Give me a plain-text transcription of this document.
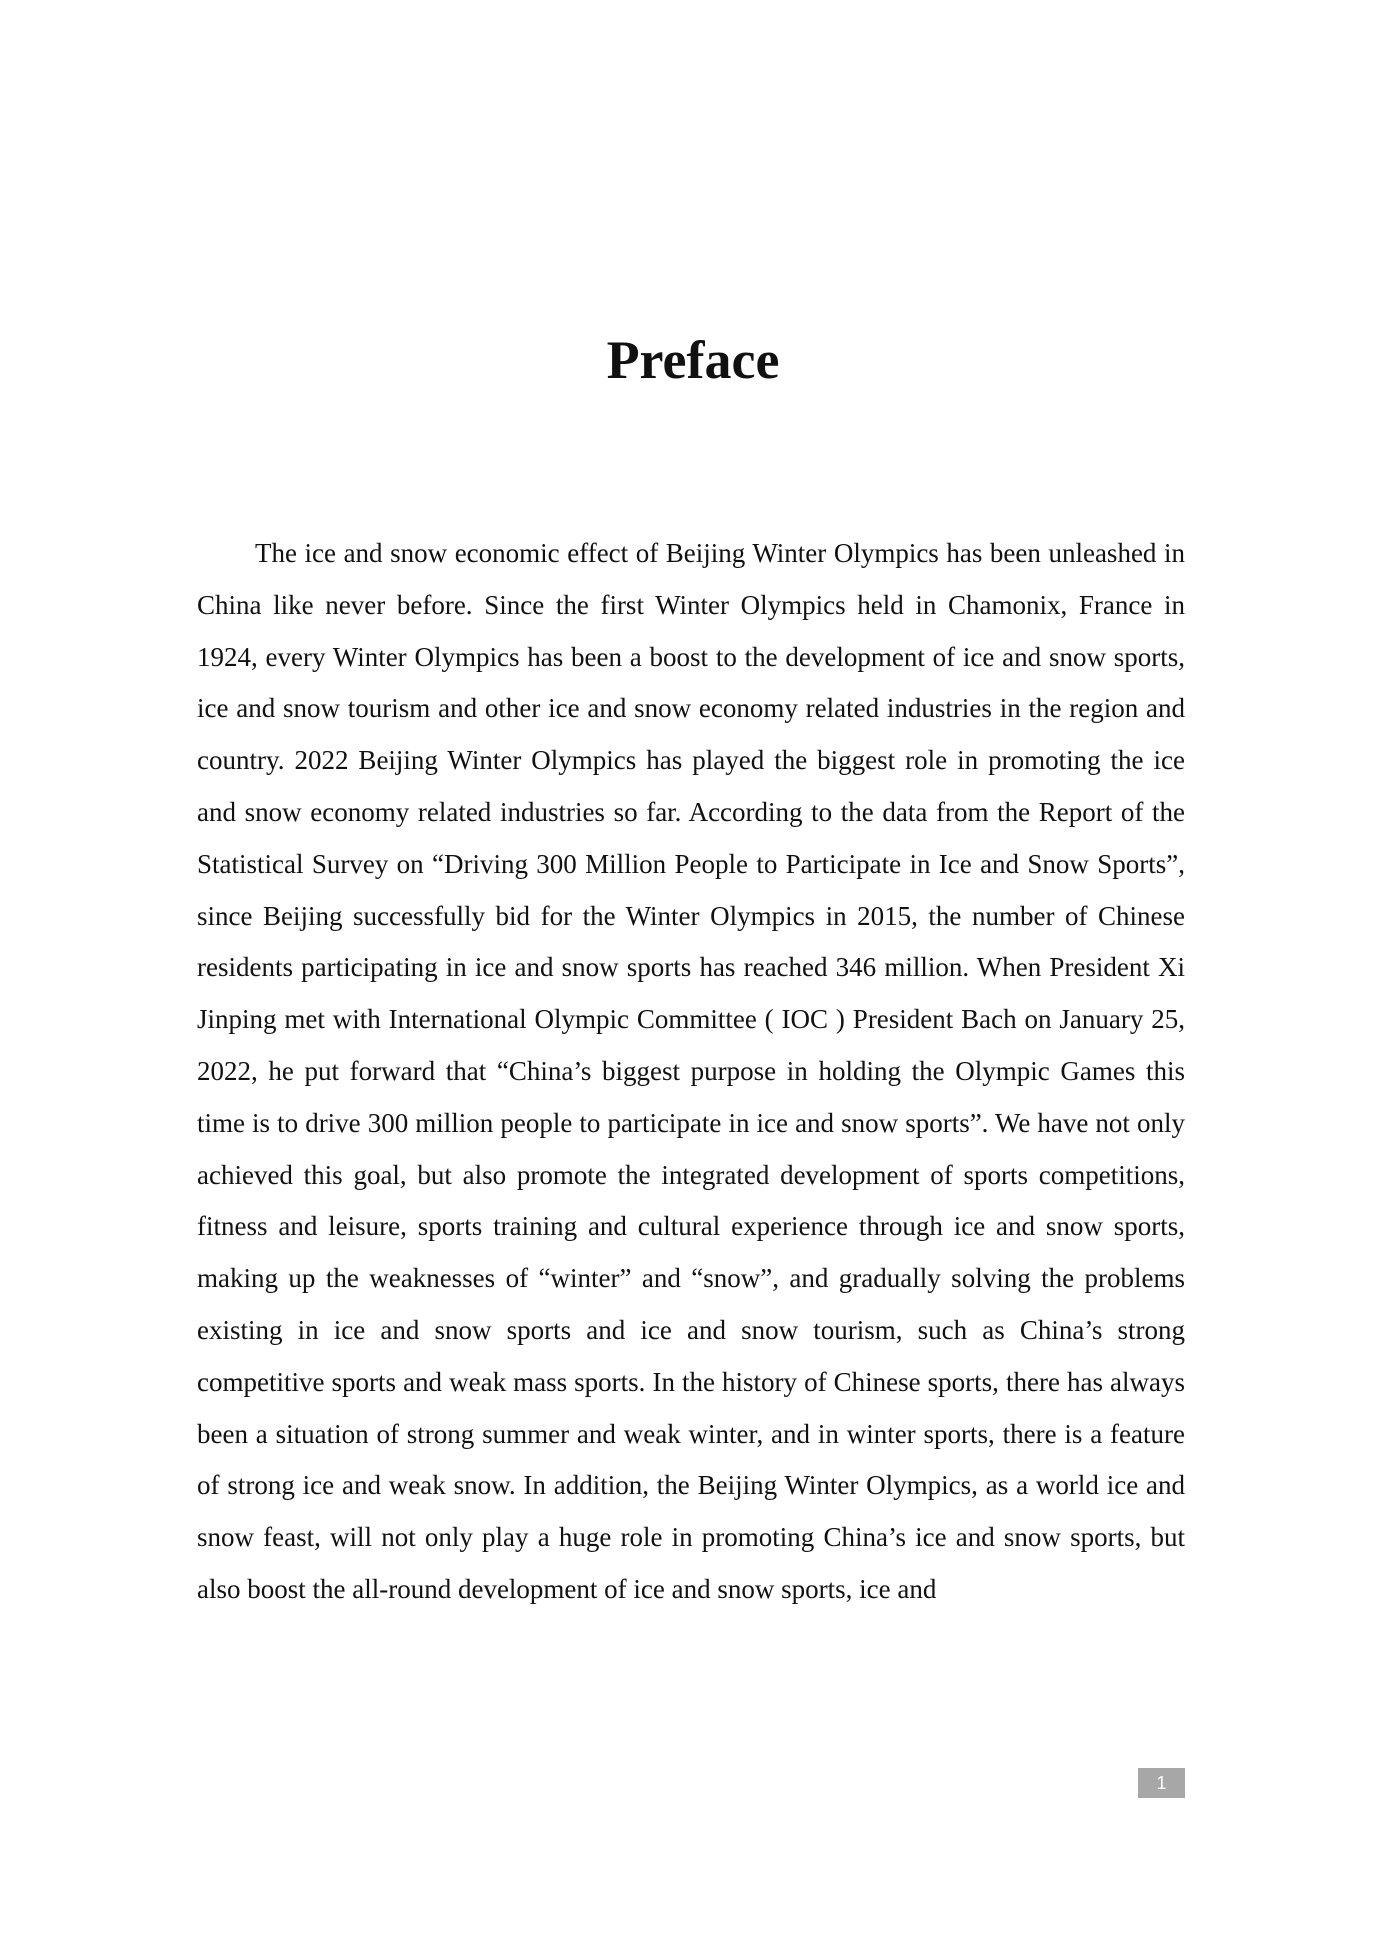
Preface

The ice and snow economic effect of Beijing Winter Olympics has been unleashed in China like never before. Since the first Winter Olympics held in Chamonix, France in 1924, every Winter Olympics has been a boost to the development of ice and snow sports, ice and snow tourism and other ice and snow economy related industries in the region and country. 2022 Beijing Winter Olympics has played the biggest role in promoting the ice and snow economy related industries so far. According to the data from the Report of the Statistical Survey on “Driving 300 Million People to Participate in Ice and Snow Sports”, since Beijing successfully bid for the Winter Olympics in 2015, the number of Chinese residents participating in ice and snow sports has reached 346 million. When President Xi Jinping met with International Olympic Committee ( IOC ) President Bach on January 25, 2022, he put forward that “China’s biggest purpose in holding the Olympic Games this time is to drive 300 million people to participate in ice and snow sports”. We have not only achieved this goal, but also promote the integrated development of sports competitions, fitness and leisure, sports training and cultural experience through ice and snow sports, making up the weaknesses of “winter” and “snow”, and gradually solving the problems existing in ice and snow sports and ice and snow tourism, such as China’s strong competitive sports and weak mass sports. In the history of Chinese sports, there has always been a situation of strong summer and weak winter, and in winter sports, there is a feature of strong ice and weak snow. In addition, the Beijing Winter Olympics, as a world ice and snow feast, will not only play a huge role in promoting China’s ice and snow sports, but also boost the all-round development of ice and snow sports, ice and

1
